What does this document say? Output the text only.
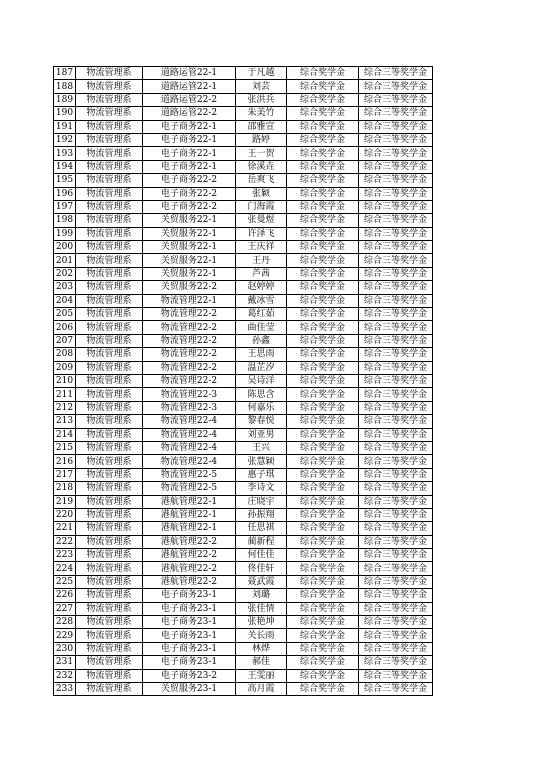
187	物流管理系	道路运管22-1	于凡越	综合奖学金	综合三等奖学金
188	物流管理系	道路运管22-1	刘芸	综合奖学金	综合三等奖学金
189	物流管理系	道路运管22-2	张洪兵	综合奖学金	综合三等奖学金
190	物流管理系	道路运管22-2	朱美竹	综合奖学金	综合三等奖学金
191	物流管理系	电子商务22-1	邵雅宣	综合奖学金	综合三等奖学金
192	物流管理系	电子商务22-1	路婷	综合奖学金	综合三等奖学金
193	物流管理系	电子商务22-1	王一贺	综合奖学金	综合三等奖学金
194	物流管理系	电子商务22-1	徐溪垚	综合奖学金	综合三等奖学金
195	物流管理系	电子商务22-2	岳爽飞	综合奖学金	综合三等奖学金
196	物流管理系	电子商务22-2	张颖	综合奖学金	综合三等奖学金
197	物流管理系	电子商务22-2	门海霞	综合奖学金	综合三等奖学金
198	物流管理系	关贸服务22-1	张曼煜	综合奖学金	综合三等奖学金
199	物流管理系	关贸服务22-1	许泽飞	综合奖学金	综合三等奖学金
200	物流管理系	关贸服务22-1	王庆祥	综合奖学金	综合三等奖学金
201	物流管理系	关贸服务22-1	王丹	综合奖学金	综合三等奖学金
202	物流管理系	关贸服务22-1	芦茜	综合奖学金	综合三等奖学金
203	物流管理系	关贸服务22-2	赵婷婷	综合奖学金	综合三等奖学金
204	物流管理系	物流管理22-1	戴冰雪	综合奖学金	综合三等奖学金
205	物流管理系	物流管理22-2	葛红茹	综合奖学金	综合三等奖学金
206	物流管理系	物流管理22-2	曲佳莹	综合奖学金	综合三等奖学金
207	物流管理系	物流管理22-2	孙鑫	综合奖学金	综合三等奖学金
208	物流管理系	物流管理22-2	王思雨	综合奖学金	综合三等奖学金
209	物流管理系	物流管理22-2	温芷汐	综合奖学金	综合三等奖学金
210	物流管理系	物流管理22-2	吴诗洋	综合奖学金	综合三等奖学金
211	物流管理系	物流管理22-3	陈思含	综合奖学金	综合三等奖学金
212	物流管理系	物流管理22-3	何嘉乐	综合奖学金	综合三等奖学金
213	物流管理系	物流管理22-4	黎春悦	综合奖学金	综合三等奖学金
214	物流管理系	物流管理22-4	刘亚男	综合奖学金	综合三等奖学金
215	物流管理系	物流管理22-4	王兴	综合奖学金	综合三等奖学金
216	物流管理系	物流管理22-4	张慧颖	综合奖学金	综合三等奖学金
217	物流管理系	物流管理22-5	惠子琪	综合奖学金	综合三等奖学金
218	物流管理系	物流管理22-5	李诗文	综合奖学金	综合三等奖学金
219	物流管理系	港航管理22-1	庄晓宇	综合奖学金	综合三等奖学金
220	物流管理系	港航管理22-1	孙振翔	综合奖学金	综合三等奖学金
221	物流管理系	港航管理22-1	任思祺	综合奖学金	综合三等奖学金
222	物流管理系	港航管理22-2	蔺新程	综合奖学金	综合三等奖学金
223	物流管理系	港航管理22-2	何佳佳	综合奖学金	综合三等奖学金
224	物流管理系	港航管理22-2	佟佳轩	综合奖学金	综合三等奖学金
225	物流管理系	港航管理22-2	聂武霞	综合奖学金	综合三等奖学金
226	物流管理系	电子商务23-1	刘璐	综合奖学金	综合三等奖学金
227	物流管理系	电子商务23-1	张佳情	综合奖学金	综合三等奖学金
228	物流管理系	电子商务23-1	张艳坤	综合奖学金	综合三等奖学金
229	物流管理系	电子商务23-1	关长雨	综合奖学金	综合三等奖学金
230	物流管理系	电子商务23-1	林烨	综合奖学金	综合三等奖学金
231	物流管理系	电子商务23-1	郝佳	综合奖学金	综合三等奖学金
232	物流管理系	电子商务23-2	王雯丽	综合奖学金	综合三等奖学金
233	物流管理系	关贸服务23-1	高月霞	综合奖学金	综合三等奖学金
